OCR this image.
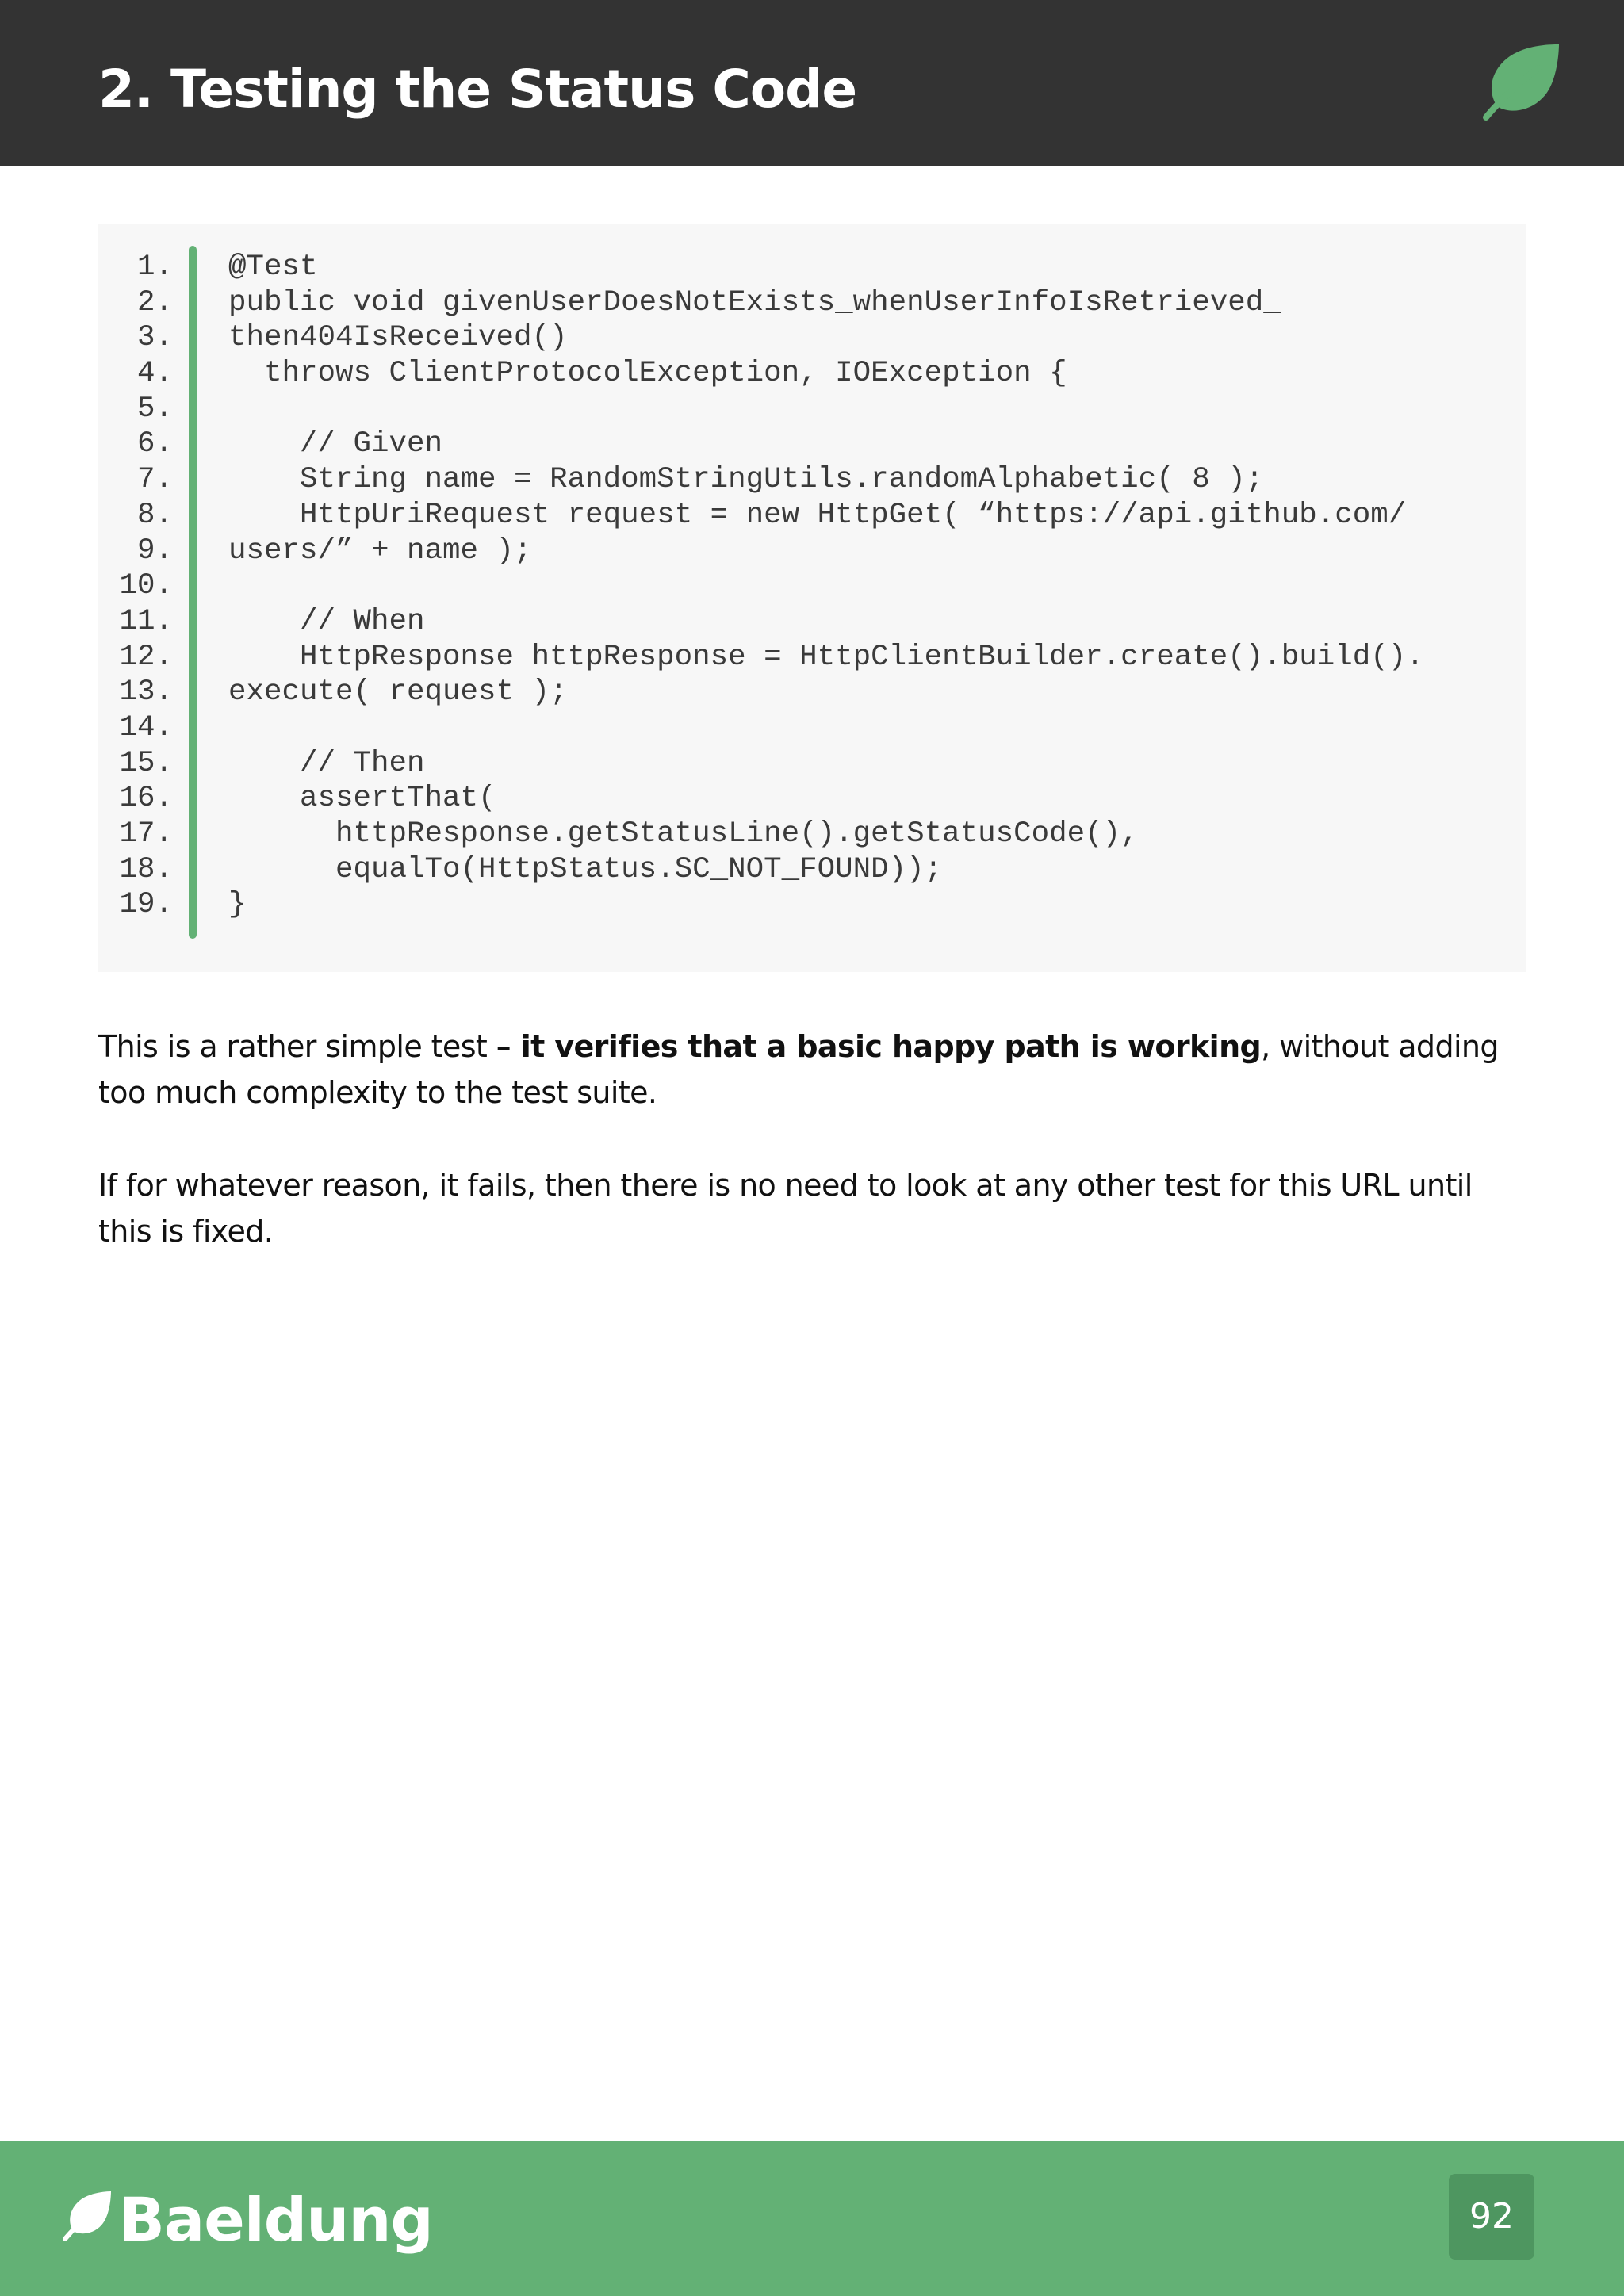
2. Testing the Status Code
1.
2.
3.
4.
5.
6.
7.
8.
9.
10.
11.
12.
13.
14.
15.
16.
17.
18.
19.
@Test
public void givenUserDoesNotExists_whenUserInfoIsRetrieved_
then404IsReceived()
throws ClientProtocolException, IOException {
// Given
String name = RandomStringUtils.randomAlphabetic( 8 );
HttpUriRequest request = new HttpGet( “https://api.github.com/
users/” + name );
// When
HttpResponse httpResponse = HttpClientBuilder.create().build().
execute( request );
// Then
assertThat(
httpResponse.getStatusLine().getStatusCode(),
equalTo(HttpStatus.SC_NOT_FOUND));
}

This is a rather simple test – it verifies that a basic happy path is working, without adding too much complexity to the test suite.

If for whatever reason, it fails, then there is no need to look at any other test for this URL until this is fixed.

Baeldung	92
